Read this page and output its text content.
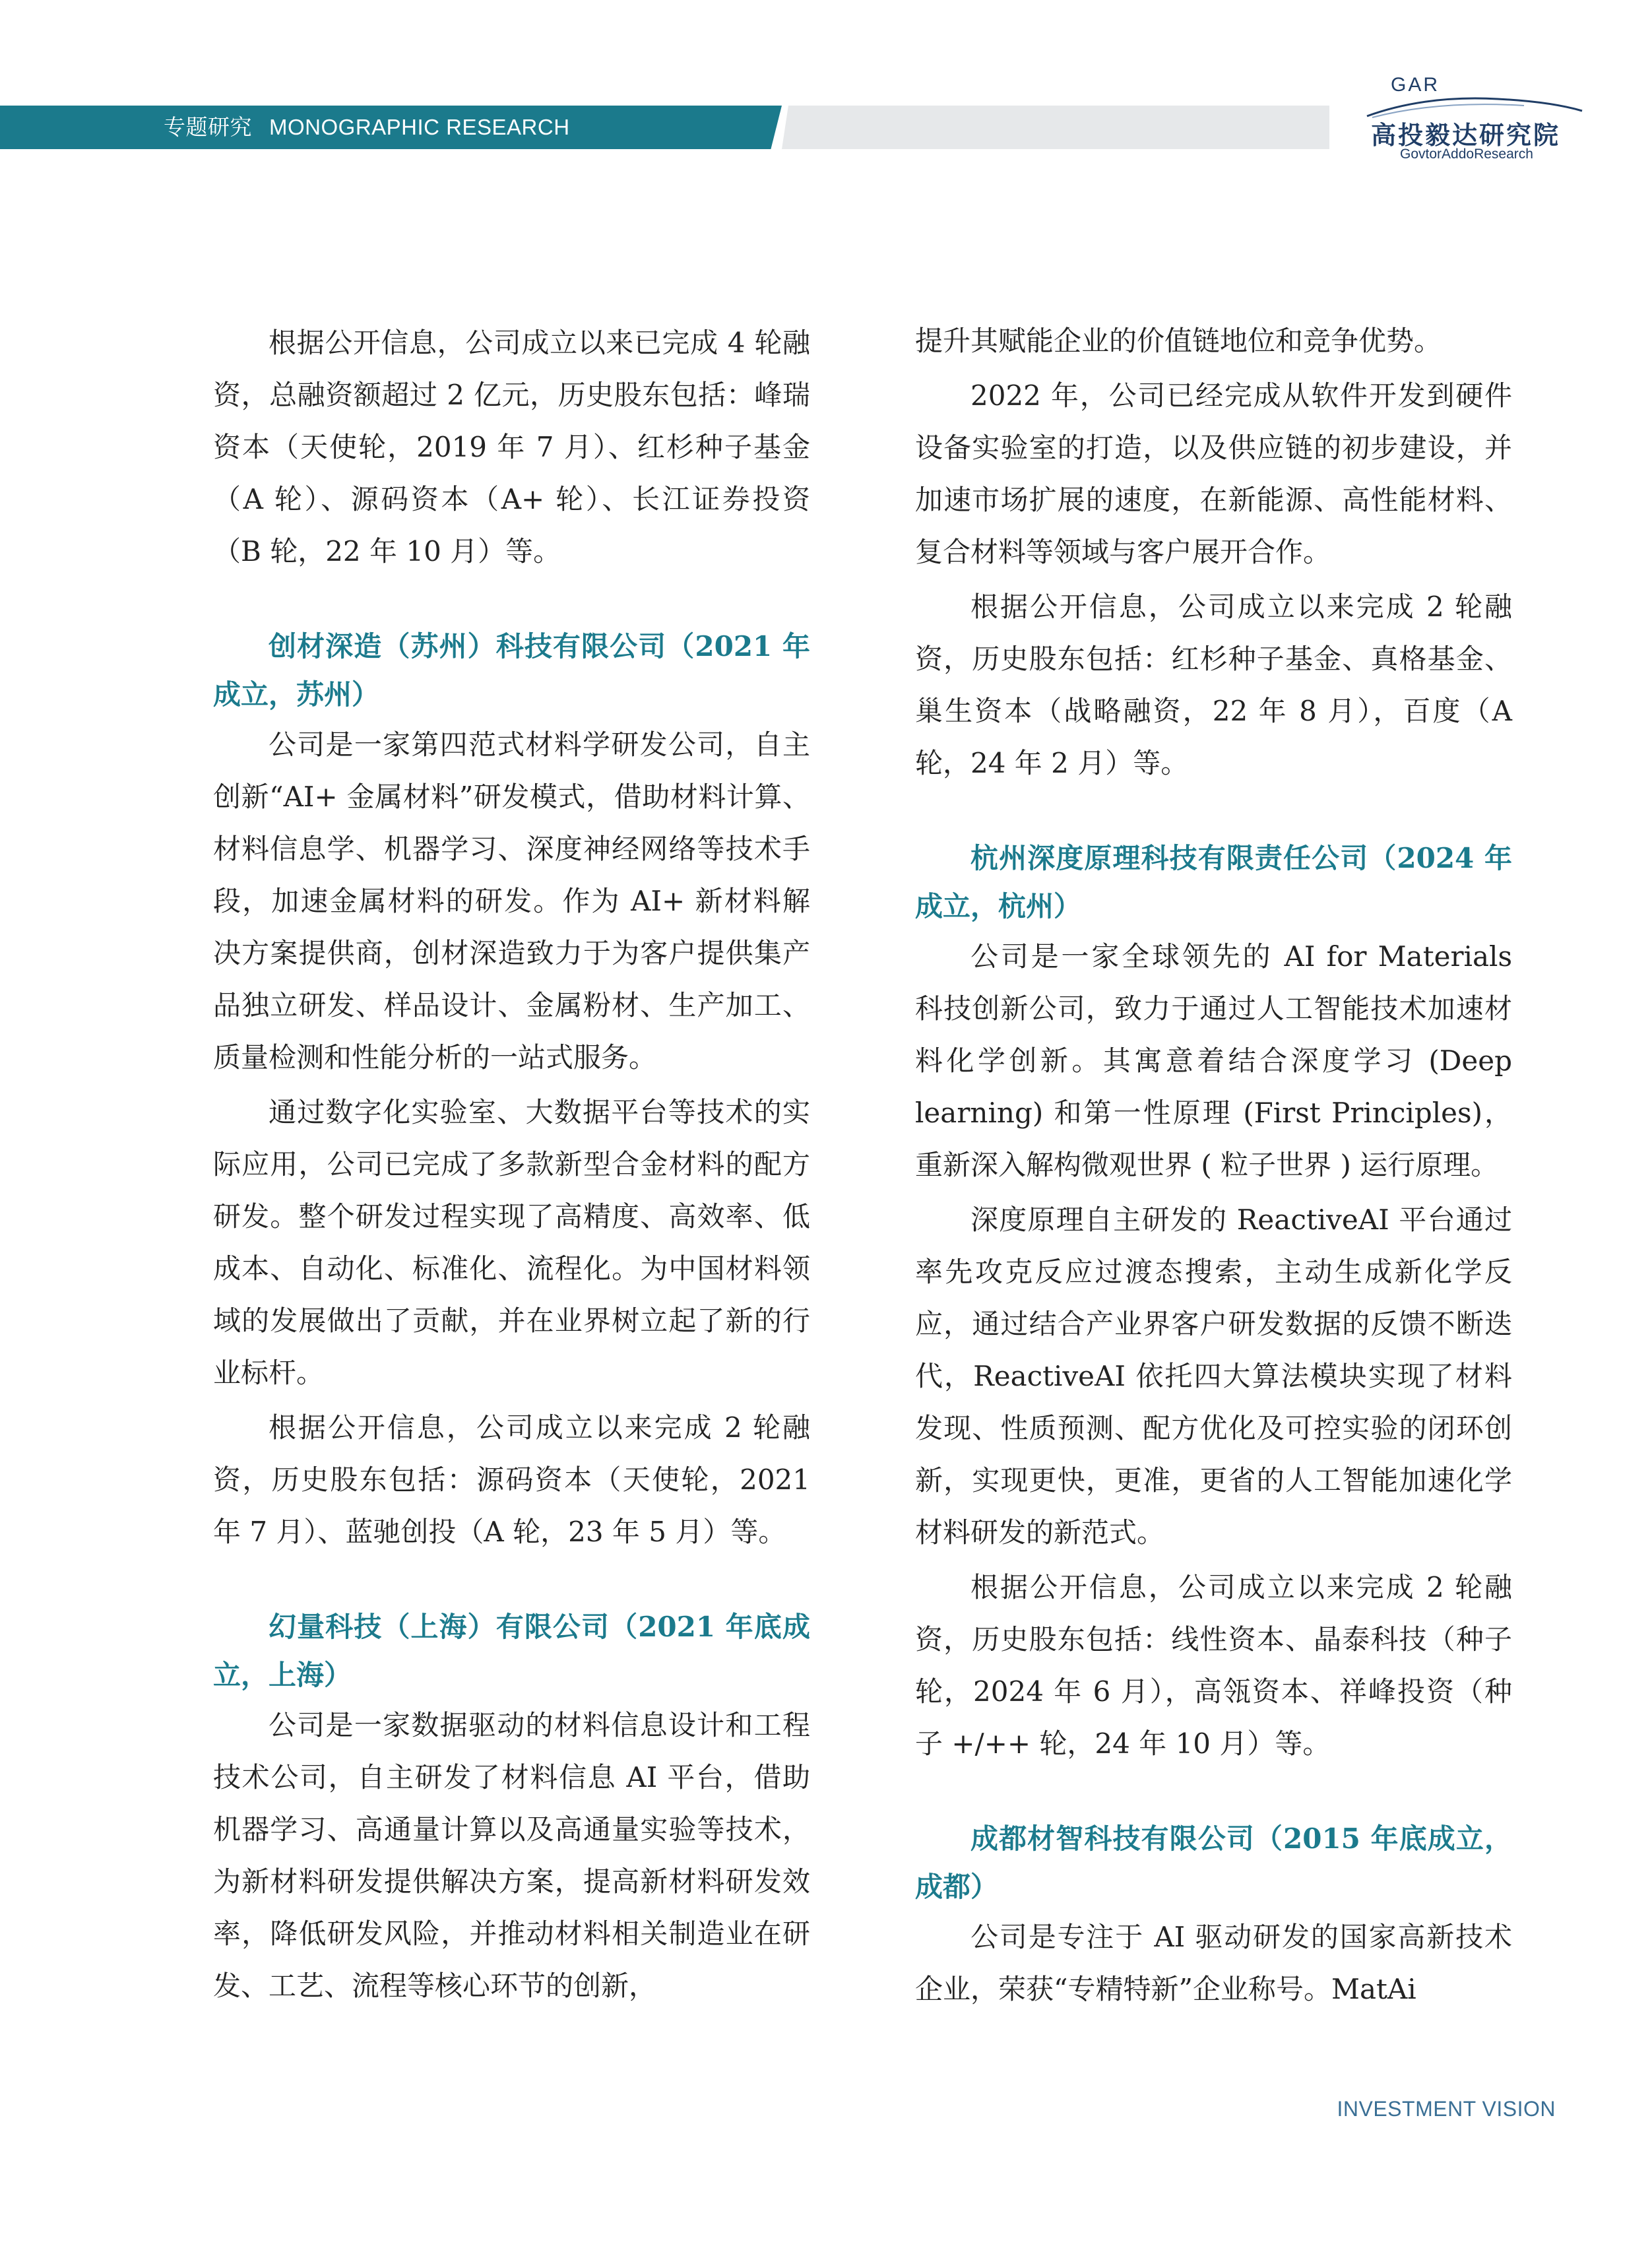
专题研究 MONOGRAPHIC RESEARCH
GAR
高投毅达研究院
GovtorAddoResearch

根据公开信息，公司成立以来已完成 4 轮融资，总融资额超过 2 亿元，历史股东包括：峰瑞资本（天使轮，2019 年 7 月）、红杉种子基金（A 轮）、源码资本（A+ 轮）、长江证券投资（B 轮，22 年 10 月）等。

创材深造（苏州）科技有限公司（2021 年成立，苏州）

公司是一家第四范式材料学研发公司，自主创新“AI+ 金属材料”研发模式，借助材料计算、材料信息学、机器学习、深度神经网络等技术手段，加速金属材料的研发。作为 AI+ 新材料解决方案提供商，创材深造致力于为客户提供集产品独立研发、样品设计、金属粉材、生产加工、质量检测和性能分析的一站式服务。

通过数字化实验室、大数据平台等技术的实际应用，公司已完成了多款新型合金材料的配方研发。整个研发过程实现了高精度、高效率、低成本、自动化、标准化、流程化。为中国材料领域的发展做出了贡献，并在业界树立起了新的行业标杆。

根据公开信息，公司成立以来完成 2 轮融资，历史股东包括：源码资本（天使轮，2021 年 7 月）、蓝驰创投（A 轮，23 年 5 月）等。

幻量科技（上海）有限公司（2021 年底成立，上海）

公司是一家数据驱动的材料信息设计和工程技术公司，自主研发了材料信息 AI 平台，借助机器学习、高通量计算以及高通量实验等技术，为新材料研发提供解决方案，提高新材料研发效率，降低研发风险，并推动材料相关制造业在研发、工艺、流程等核心环节的创新，

提升其赋能企业的价值链地位和竞争优势。

2022 年，公司已经完成从软件开发到硬件设备实验室的打造，以及供应链的初步建设，并加速市场扩展的速度，在新能源、高性能材料、复合材料等领域与客户展开合作。

根据公开信息，公司成立以来完成 2 轮融资，历史股东包括：红杉种子基金、真格基金、巢生资本（战略融资，22 年 8 月），百度（A 轮，24 年 2 月）等。

杭州深度原理科技有限责任公司（2024 年成立，杭州）

公司是一家全球领先的 AI for Materials 科技创新公司，致力于通过人工智能技术加速材料化学创新。其寓意着结合深度学习 (Deep learning) 和第一性原理 (First Principles)，重新深入解构微观世界 ( 粒子世界 ) 运行原理。

深度原理自主研发的 ReactiveAI 平台通过率先攻克反应过渡态搜索，主动生成新化学反应，通过结合产业界客户研发数据的反馈不断迭代，ReactiveAI 依托四大算法模块实现了材料发现、性质预测、配方优化及可控实验的闭环创新，实现更快，更准，更省的人工智能加速化学材料研发的新范式。

根据公开信息，公司成立以来完成 2 轮融资，历史股东包括：线性资本、晶泰科技（种子轮，2024 年 6 月），高瓴资本、祥峰投资（种子 +/++ 轮，24 年 10 月）等。

成都材智科技有限公司（2015 年底成立，成都）

公司是专注于 AI 驱动研发的国家高新技术企业，荣获“专精特新”企业称号。MatAi

INVESTMENT VISION
